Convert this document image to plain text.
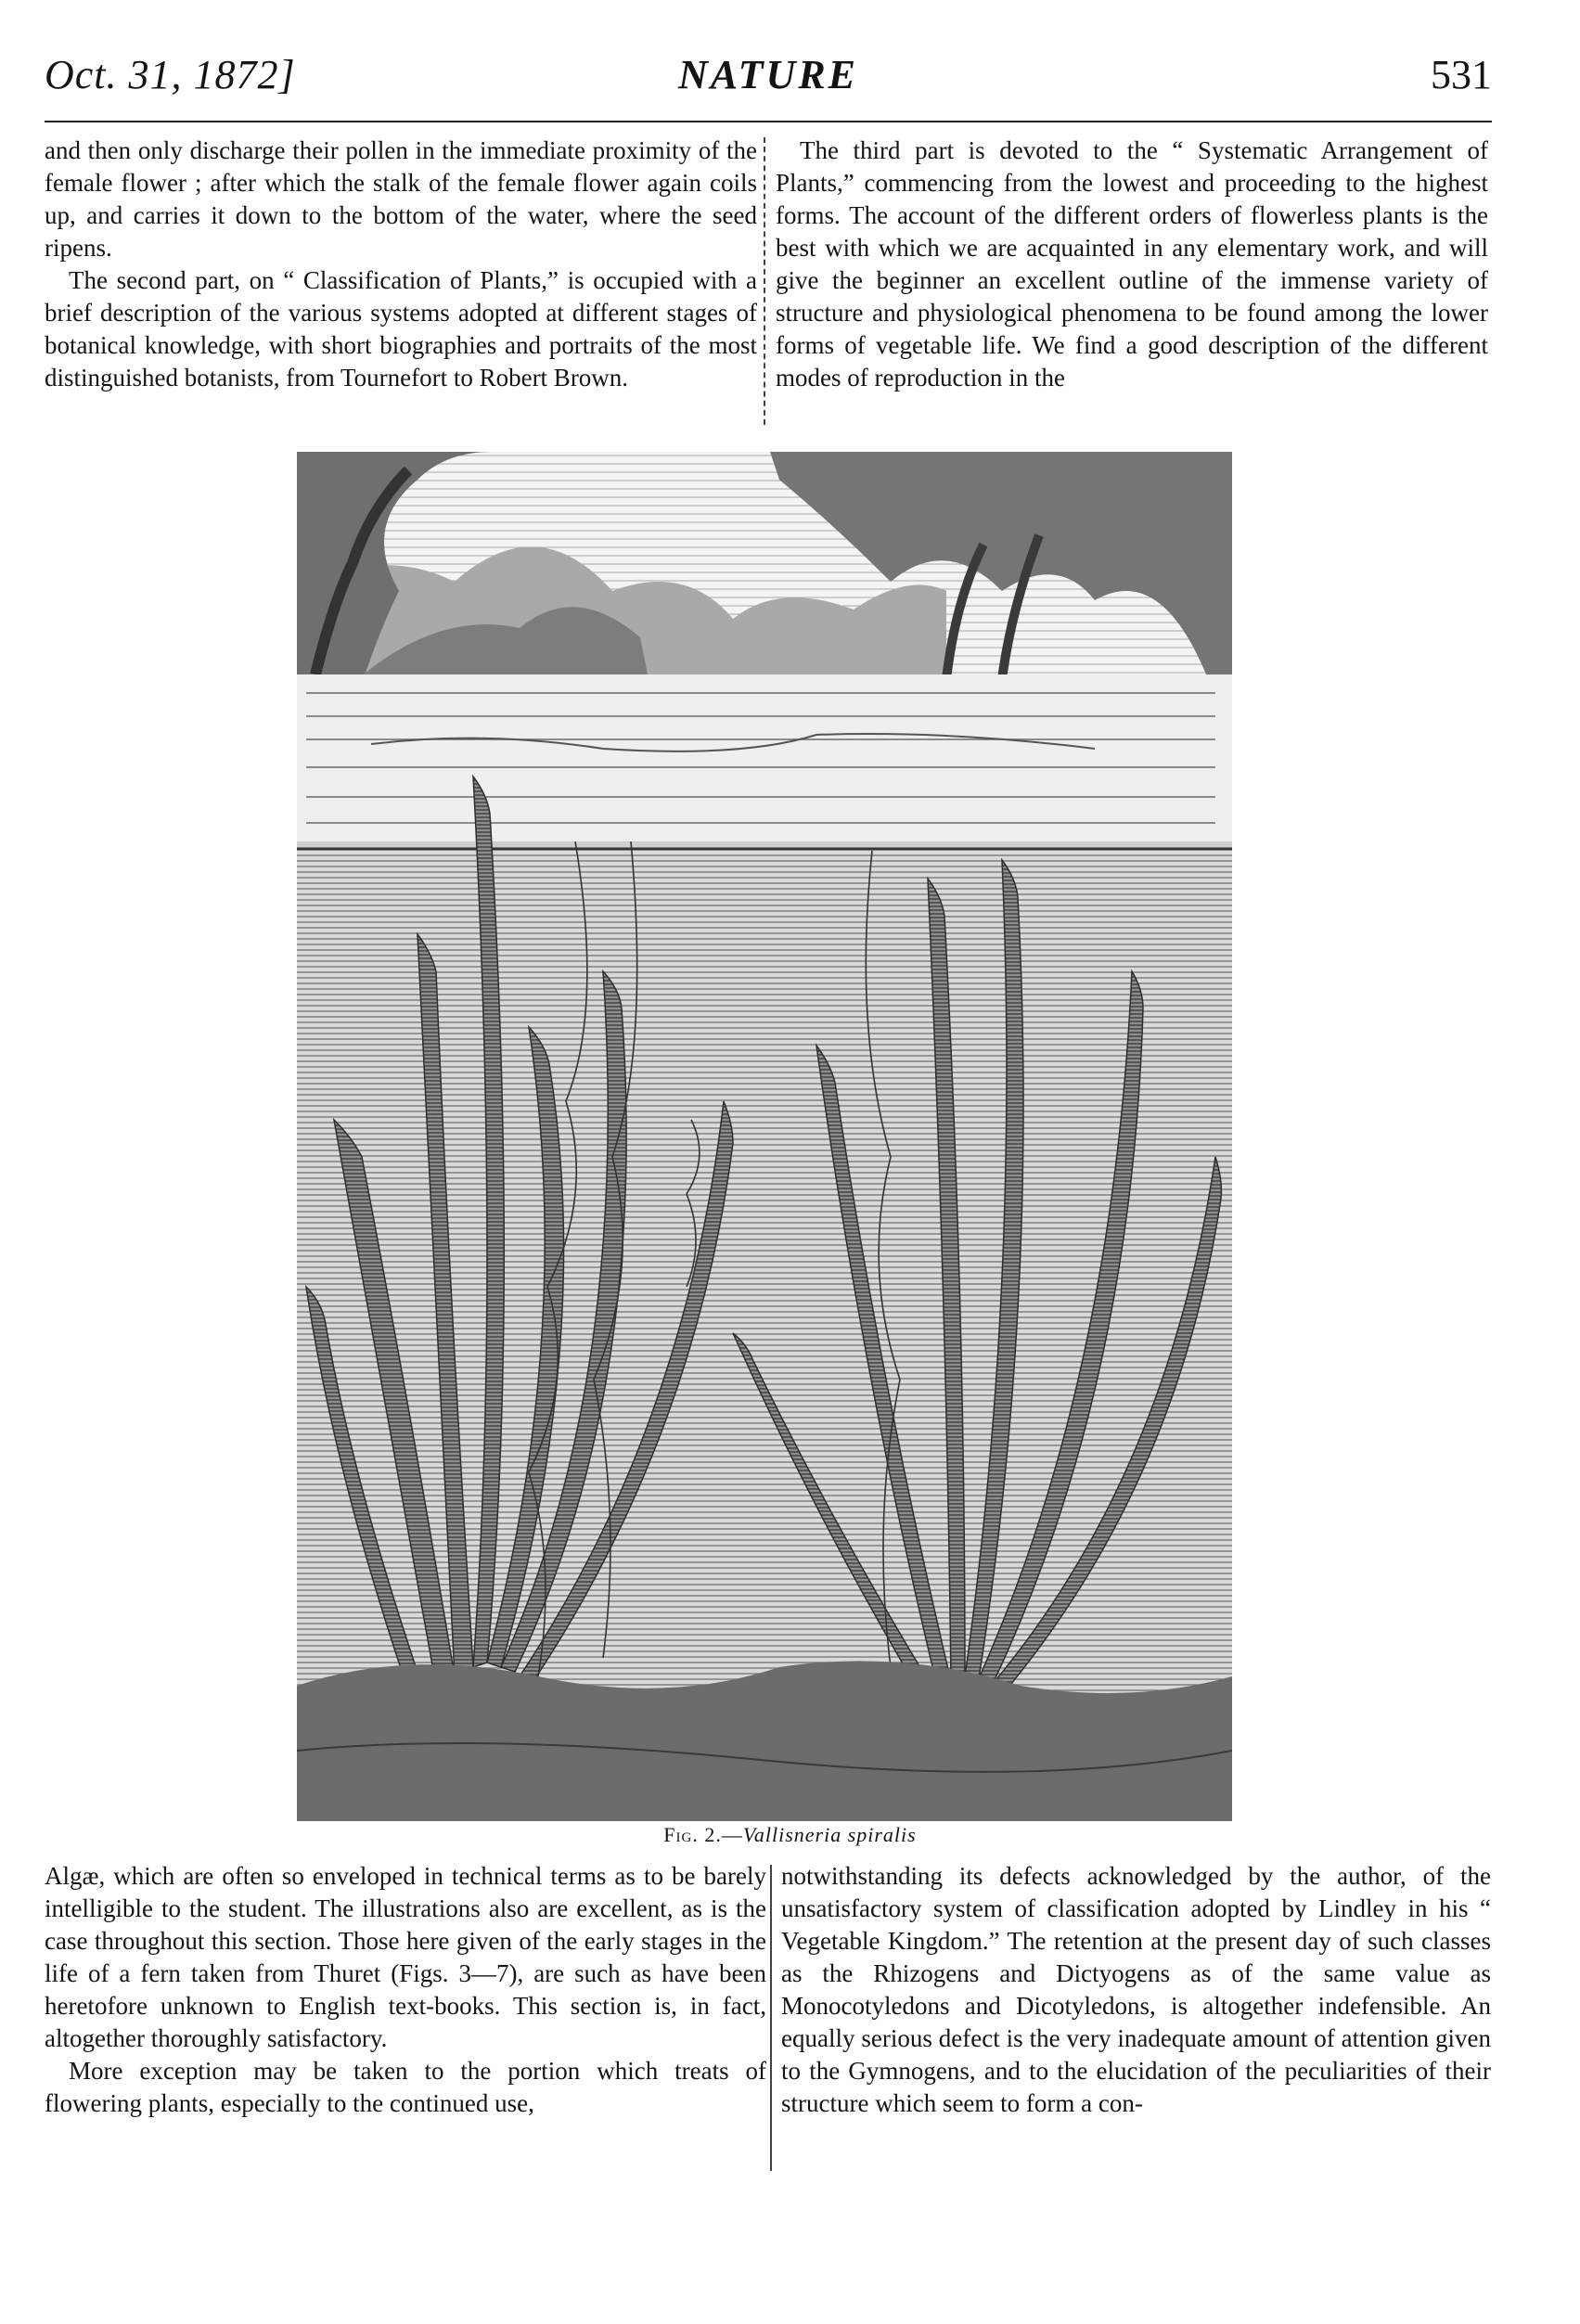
Oct. 31, 1872]	NATURE	531

and then only discharge their pollen in the immediate proximity of the female flower ; after which the stalk of the female flower again coils up, and carries it down to the bottom of the water, where the seed ripens.

The second part, on “ Classification of Plants,” is occupied with a brief description of the various systems adopted at different stages of botanical knowledge, with short biographies and portraits of the most distinguished botanists, from Tournefort to Robert Brown.

The third part is devoted to the “ Systematic Arrangement of Plants,” commencing from the lowest and proceeding to the highest forms. The account of the different orders of flowerless plants is the best with which we are acquainted in any elementary work, and will give the beginner an excellent outline of the immense variety of structure and physiological phenomena to be found among the lower forms of vegetable life. We find a good description of the different modes of reproduction in the

Fig. 2.—Vallisneria spiralis

Algæ, which are often so enveloped in technical terms as to be barely intelligible to the student. The illustrations also are excellent, as is the case throughout this section. Those here given of the early stages in the life of a fern taken from Thuret (Figs. 3—7), are such as have been heretofore unknown to English text-books. This section is, in fact, altogether thoroughly satisfactory.

More exception may be taken to the portion which treats of flowering plants, especially to the continued use,

notwithstanding its defects acknowledged by the author, of the unsatisfactory system of classification adopted by Lindley in his “ Vegetable Kingdom.” The retention at the present day of such classes as the Rhizogens and Dictyogens as of the same value as Monocotyledons and Dicotyledons, is altogether indefensible. An equally serious defect is the very inadequate amount of attention given to the Gymnogens, and to the elucidation of the peculiarities of their structure which seem to form a con-
